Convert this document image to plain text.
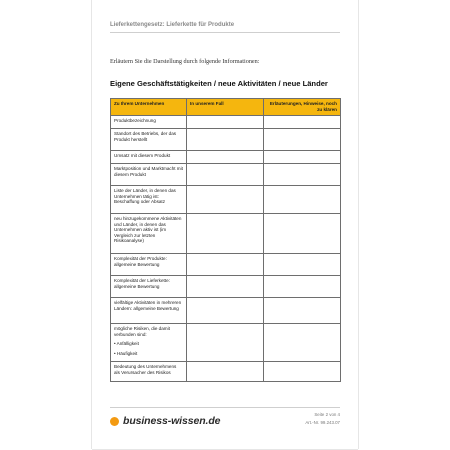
Lieferkettengesetz: Lieferkette für Produkte
Erläutern Sie die Darstellung durch folgende Informationen:
Eigene Geschäftstätigkeiten / neue Aktivitäten / neue Länder
Zu Ihrem Unternehmen	In unserem Fall	Erläuterungen, Hinweise, noch zu klären
Produktbezeichnung		
Standort des Betriebs, der das Produkt herstellt		
Umsatz mit diesem Produkt		
Marktposition und Marktmacht mit diesem Produkt		
Liste der Länder, in denen das Unternehmen tätig ist: Beschaffung oder Absatz		
neu hinzugekommene Aktivitäten und Länder, in denen das Unternehmen aktiv ist (im Vergleich zur letzten Risikoanalyse)		
Komplexität der Produkte: allgemeine Bewertung		
Komplexität der Lieferkette: allgemeine Bewertung		
vielfältige Aktivitäten in mehreren Ländern: allgemeine Bewertung		
mögliche Risiken, die damit verbunden sind:
• Anfälligkeit
• Häufigkeit		

Bedeutung des Unternehmens als Verursacher des Risikos		
business-wissen.de
Seite 2 von 4
Art.-Nr. 99.243.07
